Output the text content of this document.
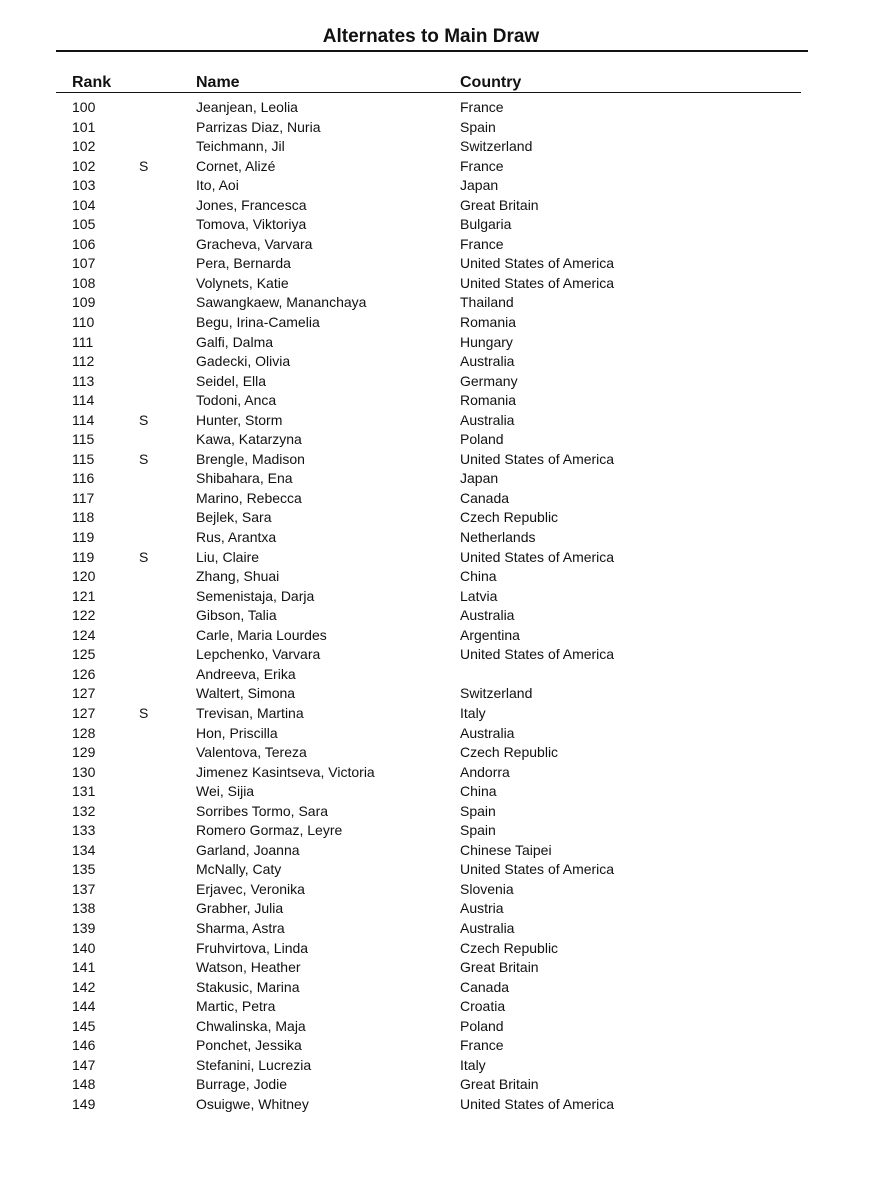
Alternates to Main Draw
Rank	Name	Country
100	Jeanjean, Leolia	France
101	Parrizas Diaz, Nuria	Spain
102	Teichmann, Jil	Switzerland
102	S	Cornet, Alizé	France
103	Ito, Aoi	Japan
104	Jones, Francesca	Great Britain
105	Tomova, Viktoriya	Bulgaria
106	Gracheva, Varvara	France
107	Pera, Bernarda	United States of America
108	Volynets, Katie	United States of America
109	Sawangkaew, Mananchaya	Thailand
110	Begu, Irina-Camelia	Romania
111	Galfi, Dalma	Hungary
112	Gadecki, Olivia	Australia
113	Seidel, Ella	Germany
114	Todoni, Anca	Romania
114	S	Hunter, Storm	Australia
115	Kawa, Katarzyna	Poland
115	S	Brengle, Madison	United States of America
116	Shibahara, Ena	Japan
117	Marino, Rebecca	Canada
118	Bejlek, Sara	Czech Republic
119	Rus, Arantxa	Netherlands
119	S	Liu, Claire	United States of America
120	Zhang, Shuai	China
121	Semenistaja, Darja	Latvia
122	Gibson, Talia	Australia
124	Carle, Maria Lourdes	Argentina
125	Lepchenko, Varvara	United States of America
126	Andreeva, Erika
127	Waltert, Simona	Switzerland
127	S	Trevisan, Martina	Italy
128	Hon, Priscilla	Australia
129	Valentova, Tereza	Czech Republic
130	Jimenez Kasintseva, Victoria	Andorra
131	Wei, Sijia	China
132	Sorribes Tormo, Sara	Spain
133	Romero Gormaz, Leyre	Spain
134	Garland, Joanna	Chinese Taipei
135	McNally, Caty	United States of America
137	Erjavec, Veronika	Slovenia
138	Grabher, Julia	Austria
139	Sharma, Astra	Australia
140	Fruhvirtova, Linda	Czech Republic
141	Watson, Heather	Great Britain
142	Stakusic, Marina	Canada
144	Martic, Petra	Croatia
145	Chwalinska, Maja	Poland
146	Ponchet, Jessika	France
147	Stefanini, Lucrezia	Italy
148	Burrage, Jodie	Great Britain
149	Osuigwe, Whitney	United States of America
